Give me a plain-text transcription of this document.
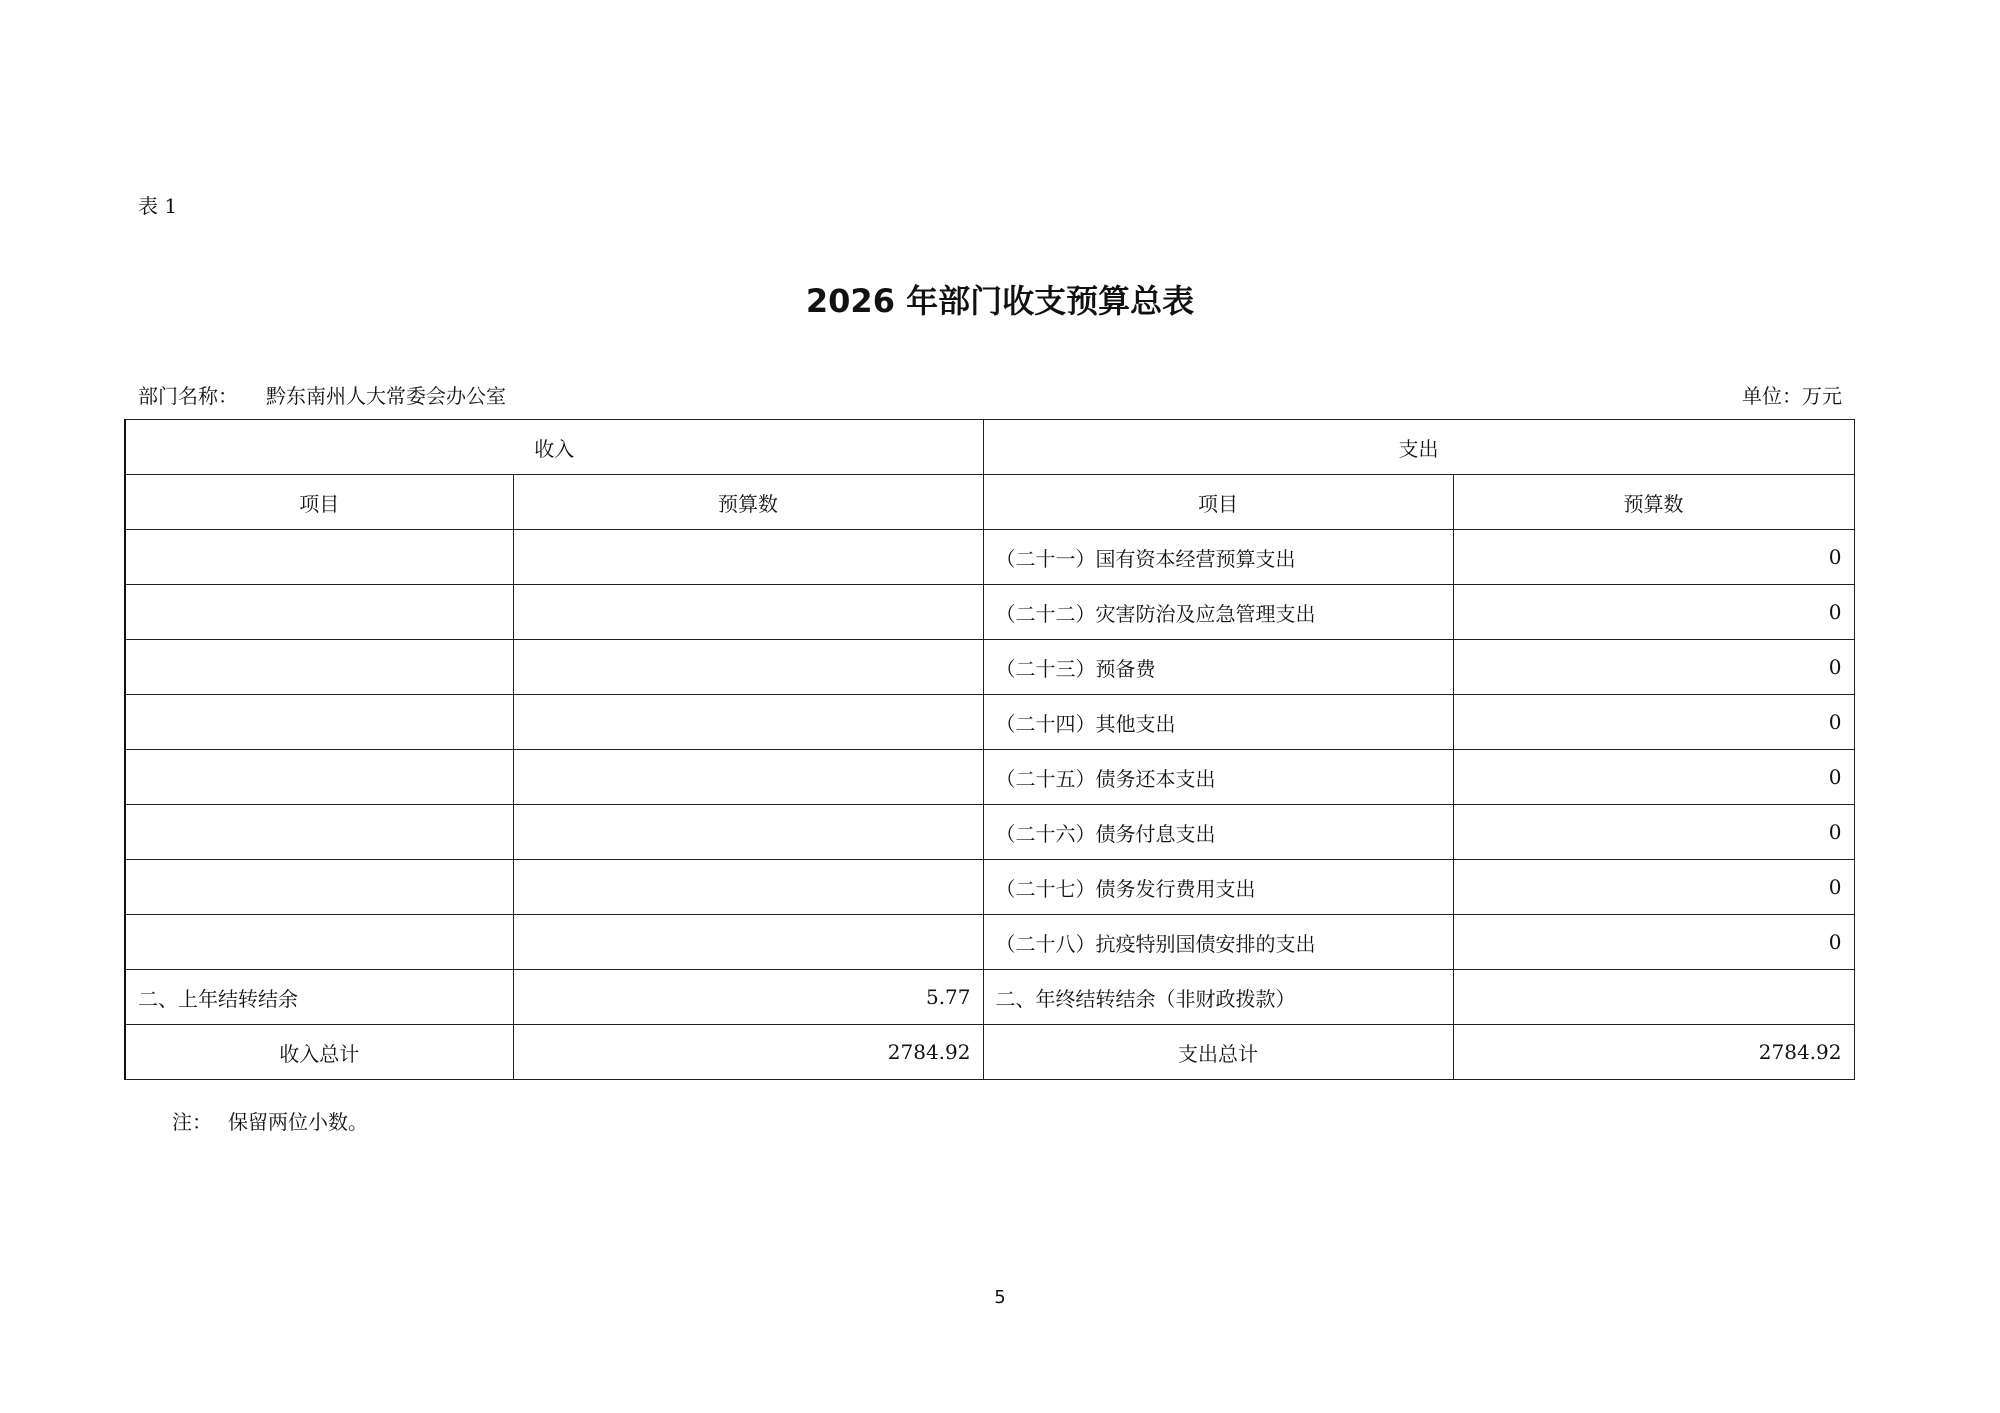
表 1
2026 年部门收支预算总表
部门名称： 黔东南州人大常委会办公室	单位：万元
收入		支出	
项目	预算数	项目	预算数
		（二十一）国有资本经营预算支出	0
		（二十二）灾害防治及应急管理支出	0
		（二十三）预备费	0
		（二十四）其他支出	0
		（二十五）债务还本支出	0
		（二十六）债务付息支出	0
		（二十七）债务发行费用支出	0
		（二十八）抗疫特别国债安排的支出	0
二、上年结转结余	5.77	二、年终结转结余（非财政拨款）	
收入总计	2784.92	支出总计	2784.92
注： 保留两位小数。
5
